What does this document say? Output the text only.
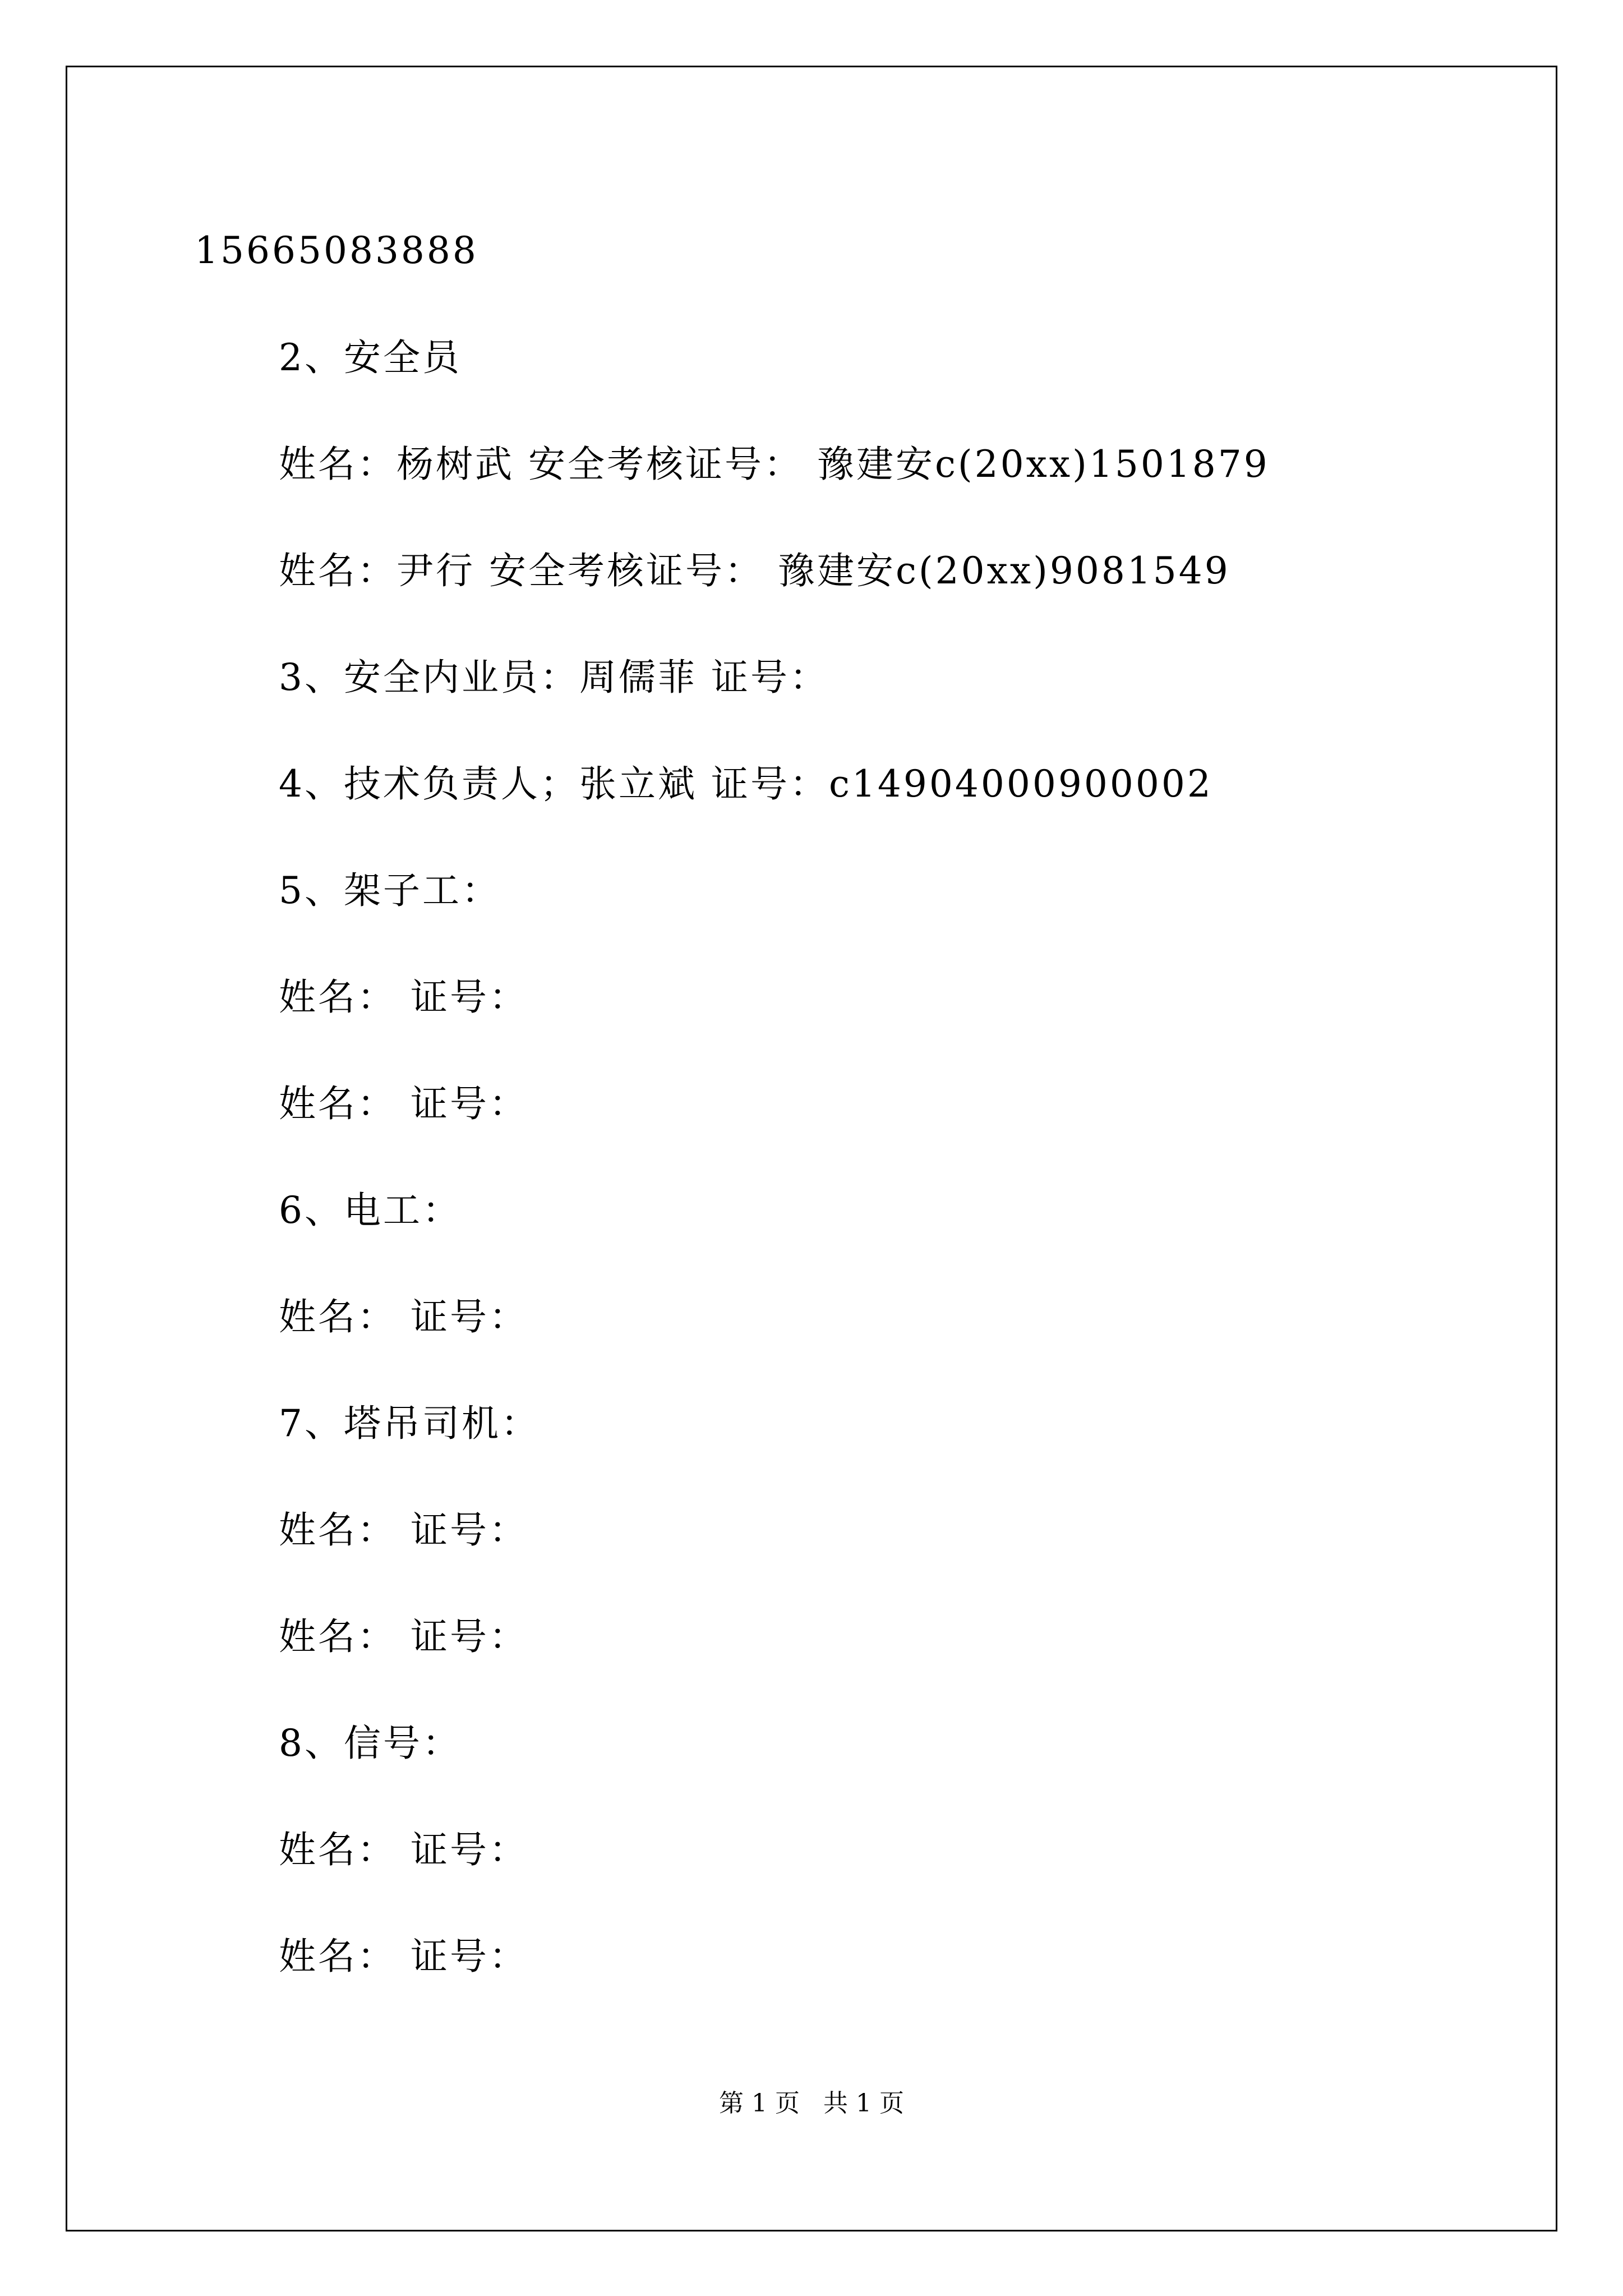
15665083888
2、安全员
姓名：杨树武 安全考核证号： 豫建安c(20xx)1501879
姓名：尹行 安全考核证号： 豫建安c(20xx)9081549
3、安全内业员：周儒菲 证号：
4、技术负责人；张立斌 证号：c14904000900002
5、架子工：
姓名： 证号：
姓名： 证号：
6、电工：
姓名： 证号：
7、塔吊司机：
姓名： 证号：
姓名： 证号：
8、信号：
姓名： 证号：
姓名： 证号：
第 1 页   共 1 页
